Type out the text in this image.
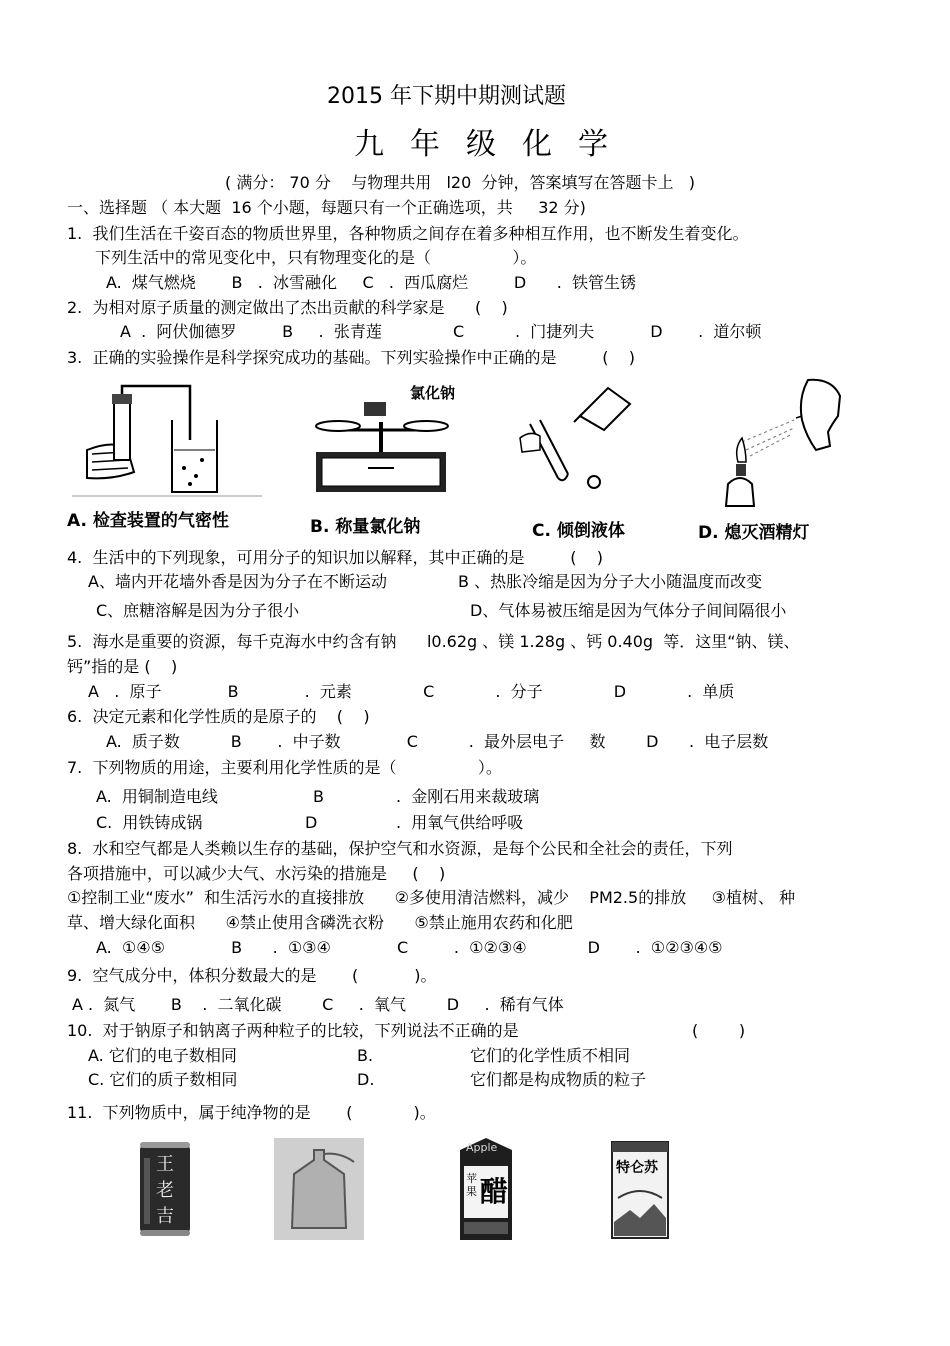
2015 年下期中期测试题
九年级化学
( 满分： 70 分    与物理共用   l20  分钟，答案填写在答题卡上   )
一、选择题 （ 本大题  16 个小题，每题只有一个正确选项，共     32 分)
1.  我们生活在千姿百态的物质世界里，各种物质之间存在着多种相互作用，也不断发生着变化。
下列生活中的常见变化中，只有物理变化的是（                ）。
A.  煤气燃烧       B   .  冰雪融化     C   .  西瓜腐烂         D      .  铁管生锈
2.  为相对原子质量的测定做出了杰出贡献的科学家是      (    )
A  .  阿伏伽德罗         B     .  张青莲              C          .  门捷列夫           D       .  道尔顿
3.  正确的实验操作是科学探究成功的基础。下列实验操作中正确的是         (    )
A. 检查装置的气密性
氯化钠
B. 称量氯化钠	C. 倾倒液体	D. 熄灭酒精灯
4.  生活中的下列现象，可用分子的知识加以解释，其中正确的是         (    )
A、墙内开花墙外香是因为分子在不断运动	B 、热胀冷缩是因为分子大小随温度而改变
C、庶糖溶解是因为分子很小	D、气体易被压缩是因为气体分子间间隔很小
5.  海水是重要的资源，每千克海水中约含有钠      l0.62g 、镁 1.28g 、钙 0.40g  等．这里“钠、镁、
钙”指的是 (    )
A   .  原子             B             .  元素              C            .  分子              D            .  单质
6.  决定元素和化学性质的是原子的    (    )
A.  质子数          B       .  中子数             C          .  最外层电子     数        D      .  电子层数
7.  下列物质的用途，主要利用化学性质的是（                ）。
A.  用铜制造电线	B	.  金刚石用来裁玻璃
C.  用铁铸成锅	D	.  用氧气供给呼吸
8.  水和空气都是人类赖以生存的基础，保护空气和水资源，是每个公民和全社会的责任，下列
各项措施中，可以减少大气、水污染的措施是     (    )
①控制工业“废水”  和生活污水的直接排放      ②多使用清洁燃料，减少    PM2.5的排放     ③植树、 种
草、增大绿化面积      ④禁止使用含磷洗衣粉      ⑤禁止施用农药和化肥
A.  ①④⑤             B      .  ①③④             C         .  ①②③④            D       .  ①②③④⑤
9.  空气成分中，体积分数最大的是       (           )。
A .  氮气       B    .  二氧化碳        C     .  氧气        D     .  稀有气体
10.  对于钠原子和钠离子两种粒子的比较，下列说法不正确的是	(        )
A. 它们的电子数相同	B.	它们的化学性质不相同
C. 它们的质子数相同	D.	它们都是构成物质的粒子
11.  下列物质中，属于纯净物的是       (            )。
王老吉
Apple
苹果 醋
特仑苏
